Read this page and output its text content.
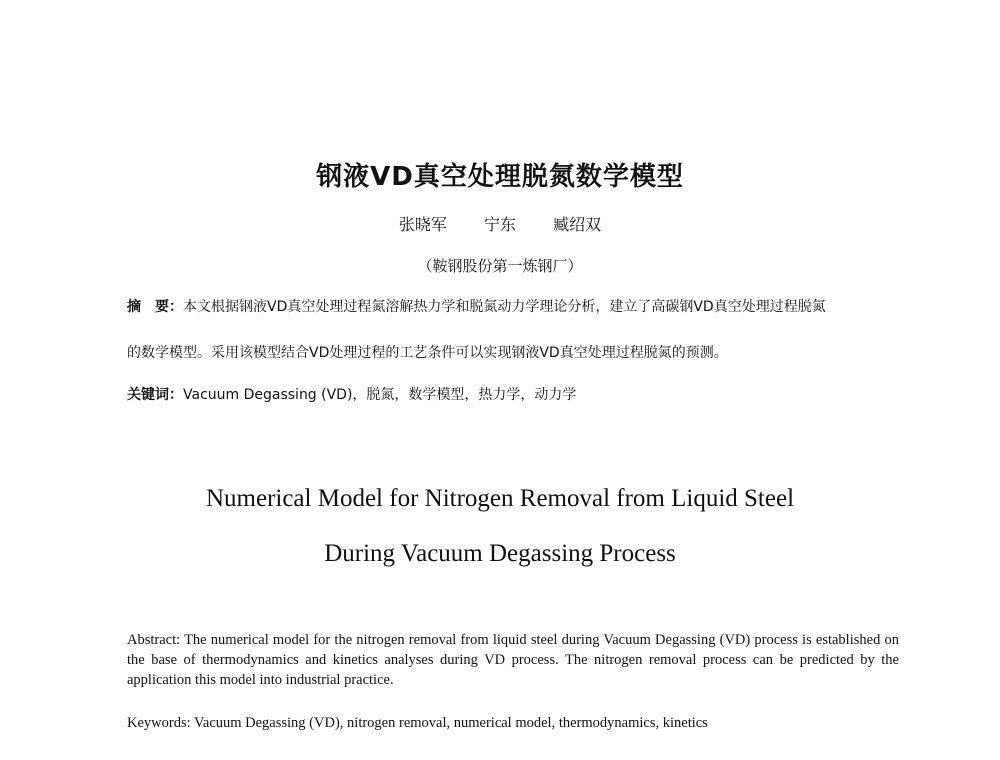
钢液VD真空处理脱氮数学模型
张晓军 宁东 臧绍双
（鞍钢股份第一炼钢厂）
摘　要：本文根据钢液VD真空处理过程氮溶解热力学和脱氮动力学理论分析，建立了高碳钢VD真空处理过程脱氮
的数学模型。采用该模型结合VD处理过程的工艺条件可以实现钢液VD真空处理过程脱氮的预测。
关键词：Vacuum Degassing (VD)，脱氮，数学模型，热力学，动力学
Numerical Model for Nitrogen Removal from Liquid Steel
During Vacuum Degassing Process
Abstract: The numerical model for the nitrogen removal from liquid steel during Vacuum Degassing (VD) process is established on the base of thermodynamics and kinetics analyses during VD process. The nitrogen removal process can be predicted by the application this model into industrial practice.
Keywords: Vacuum Degassing (VD), nitrogen removal, numerical model, thermodynamics, kinetics
